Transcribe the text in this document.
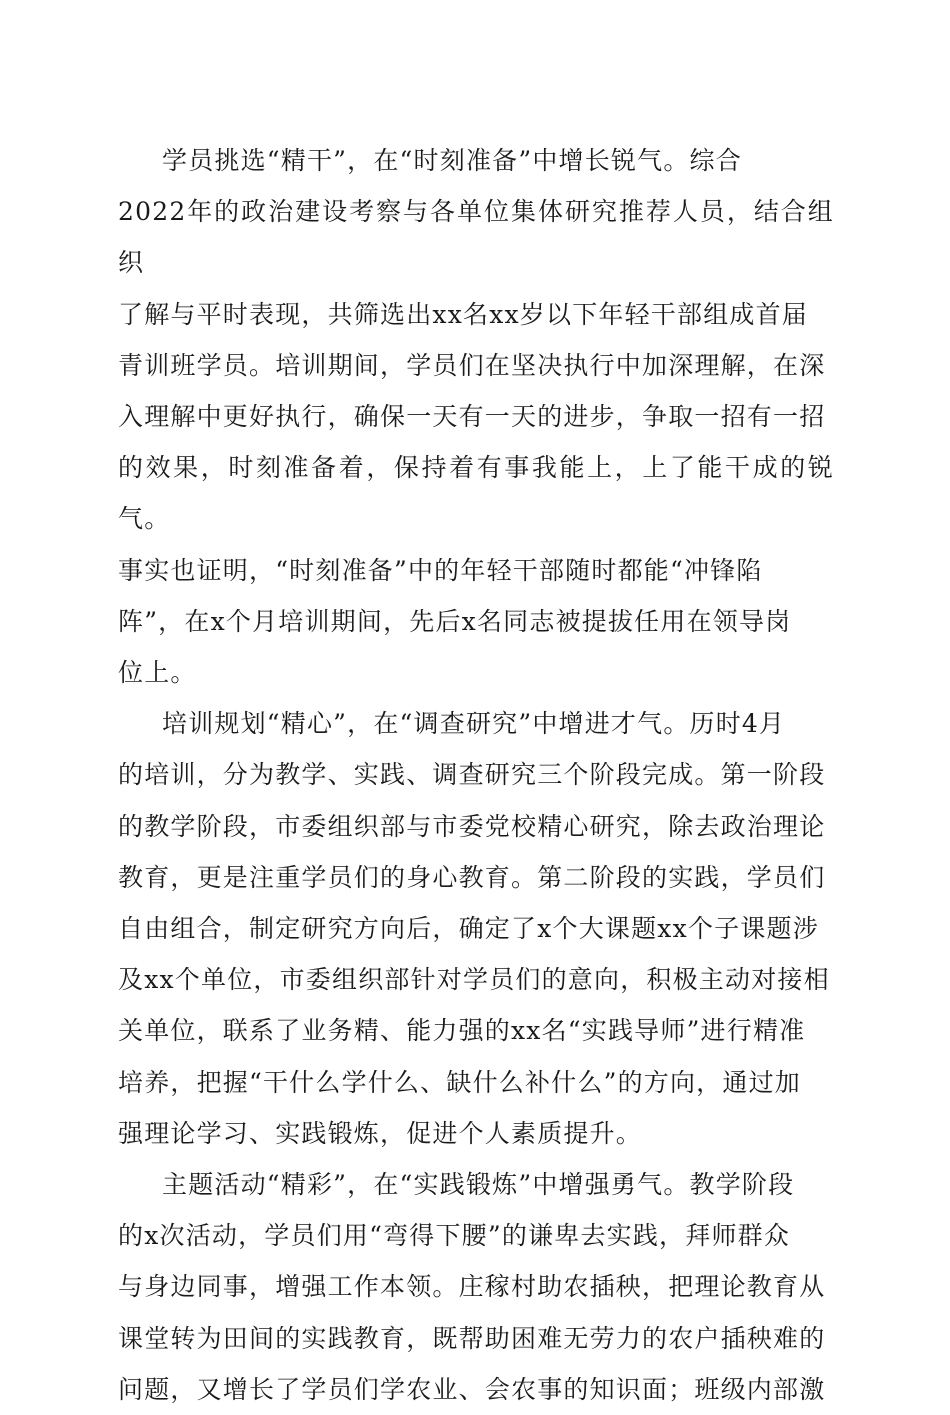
学员挑选“精干”，在“时刻准备”中增长锐气。综合
2022年的政治建设考察与各单位集体研究推荐人员，结合组织
了解与平时表现，共筛选出xx名xx岁以下年轻干部组成首届
青训班学员。培训期间，学员们在坚决执行中加深理解，在深
入理解中更好执行，确保一天有一天的进步，争取一招有一招
的效果，时刻准备着，保持着有事我能上，上了能干成的锐气。
事实也证明，“时刻准备”中的年轻干部随时都能“冲锋陷
阵”，在x个月培训期间，先后x名同志被提拔任用在领导岗
位上。

培训规划“精心”，在“调查研究”中增进才气。历时4月
的培训，分为教学、实践、调查研究三个阶段完成。第一阶段
的教学阶段，市委组织部与市委党校精心研究，除去政治理论
教育，更是注重学员们的身心教育。第二阶段的实践，学员们
自由组合，制定研究方向后，确定了x个大课题xx个子课题涉
及xx个单位，市委组织部针对学员们的意向，积极主动对接相
关单位，联系了业务精、能力强的xx名“实践导师”进行精准
培养，把握“干什么学什么、缺什么补什么”的方向，通过加
强理论学习、实践锻炼，促进个人素质提升。

主题活动“精彩”，在“实践锻炼”中增强勇气。教学阶段
的x次活动，学员们用“弯得下腰”的谦卑去实践，拜师群众
与身边同事，增强工作本领。庄稼村助农插秧，把理论教育从
课堂转为田间的实践教育，既帮助困难无劳力的农户插秧难的
问题，又增长了学员们学农业、会农事的知识面；班级内部激
